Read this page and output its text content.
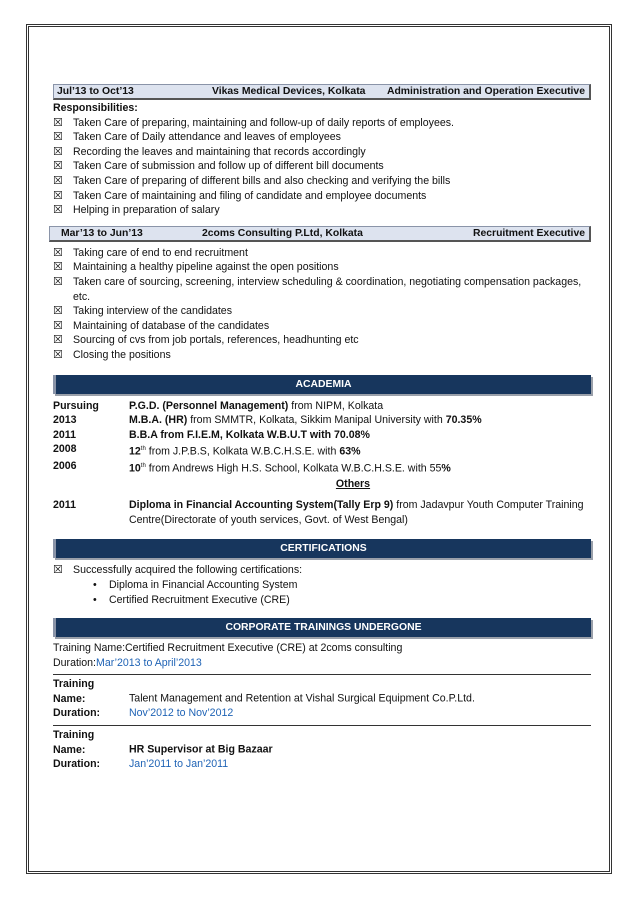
Jul’13 to Oct’13	Vikas Medical Devices, Kolkata Administration and Operation Executive
Responsibilities:
☒ Taken Care of preparing, maintaining and follow-up of daily reports of employees.
☒ Taken Care of Daily attendance and leaves of employees
☒ Recording the leaves and maintaining that records accordingly
☒ Taken Care of submission and follow up of different bill documents
☒ Taken Care of preparing of different bills and also checking and verifying the bills
☒ Taken Care of maintaining and filing of candidate and employee documents
☒ Helping in preparation of salary
Mar’13 to Jun’13	2coms Consulting P.Ltd, Kolkata	Recruitment Executive
☒ Taking care of end to end recruitment
☒ Maintaining a healthy pipeline against the open positions
☒ Taken care of sourcing, screening, interview scheduling & coordination, negotiating compensation packages, etc.
☒ Taking interview of the candidates
☒ Maintaining of database of the candidates
☒ Sourcing of cvs from job portals, references, headhunting etc
☒ Closing the positions
ACADEMIA
Pursuing	P.G.D. (Personnel Management) from NIPM, Kolkata
2013	M.B.A. (HR) from SMMTR, Kolkata, Sikkim Manipal University with 70.35%
2011	B.B.A from F.I.E.M, Kolkata W.B.U.T with 70.08%
2008	12th from J.P.B.S, Kolkata W.B.C.H.S.E. with 63%
2006	10th from Andrews High H.S. School, Kolkata W.B.C.H.S.E. with 55%
Others
2011	Diploma in Financial Accounting System(Tally Erp 9) from Jadavpur Youth Computer Training Centre(Directorate of youth services, Govt. of West Bengal)
CERTIFICATIONS
☒ Successfully acquired the following certifications:
• Diploma in Financial Accounting System
• Certified Recruitment Executive (CRE)
CORPORATE TRAININGS UNDERGONE
Training Name:Certified Recruitment Executive (CRE) at 2coms consulting
Duration:Mar’2013 to April’2013
Training Name:	Talent Management and Retention at Vishal Surgical Equipment Co.P.Ltd.
Duration:	Nov’2012 to Nov’2012
Training Name:	HR Supervisor at Big Bazaar
Duration:	Jan’2011 to Jan’2011
